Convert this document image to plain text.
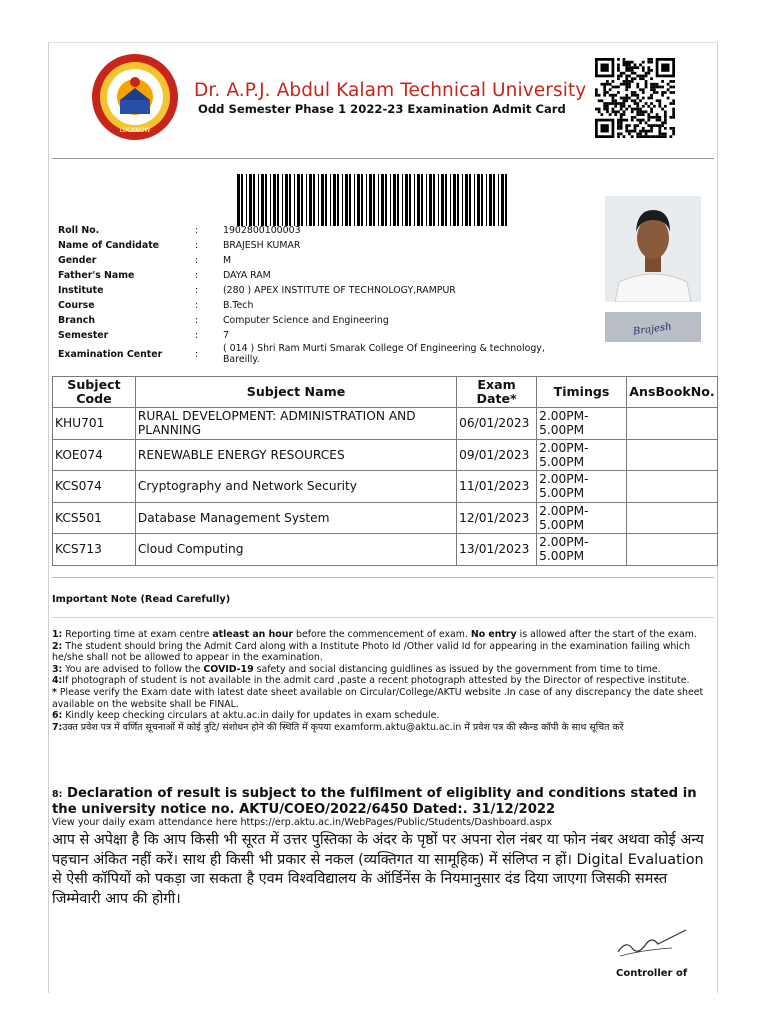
LUCKNOW
Dr. A.P.J. Abdul Kalam Technical University
Odd Semester Phase 1 2022-23 Examination Admit Card
Brajesh
Roll No.	:	1902800100003
Name of Candidate	:	BRAJESH KUMAR
Gender	:	M
Father's Name	:	DAYA RAM
Institute	:	(280 ) APEX INSTITUTE OF TECHNOLOGY,RAMPUR
Course	:	B.Tech
Branch	:	Computer Science and Engineering
Semester	:	7
Examination Center	:
( 014 ) Shri Ram Murti Smarak College Of Engineering & technology, Bareilly.
Subject Code	Subject Name	Exam Date*	Timings	AnsBookNo.
KHU701	RURAL DEVELOPMENT: ADMINISTRATION AND PLANNING	06/01/2023	2.00PM-5.00PM	
KOE074	RENEWABLE ENERGY RESOURCES	09/01/2023	2.00PM-5.00PM	
KCS074	Cryptography and Network Security	11/01/2023	2.00PM-5.00PM	
KCS501	Database Management System	12/01/2023	2.00PM-5.00PM	
KCS713	Cloud Computing	13/01/2023	2.00PM-5.00PM	
Important Note (Read Carefully)

1: Reporting time at exam centre atleast an hour before the commencement of exam. No entry is allowed after the start of the exam.

2: The student should bring the Admit Card along with a Institute Photo Id /Other valid Id for appearing in the examination failing which he/she shall not be allowed to appear in the examination.

3: You are advised to follow the COVID-19 safety and social distancing guidlines as issued by the government from time to time.

4:If photograph of student is not available in the admit card ,paste a recent photograph attested by the Director of respective institute.

* Please verify the Exam date with latest date sheet available on Circular/College/AKTU website .In case of any discrepancy the date sheet available on the website shall be FINAL.

6: Kindly keep checking circulars at aktu.ac.in daily for updates in exam schedule.

7:उक्त प्रवेश पत्र में वर्णित सूचनाओं में कोई त्रुटि/ संशोधन होने की स्थिति में कृपया examform.aktu@aktu.ac.in में प्रवेश पत्र की स्कैन्ड कॉपी के साथ सूचित करें

8: Declaration of result is subject to the fulfilment of eligiblity and conditions stated in the university notice no. AKTU/COEO/2022/6450 Dated:. 31/12/2022
View your daily exam attendance here https://erp.aktu.ac.in/WebPages/Public/Students/Dashboard.aspx
आप से अपेक्षा है कि आप किसी भी सूरत में उत्तर पुस्तिका के अंदर के पृष्ठों पर अपना रोल नंबर या फोन नंबर अथवा कोई अन्य पहचान अंकित नहीं करें। साथ ही किसी भी प्रकार से नकल (व्यक्तिगत या सामूहिक) में संलिप्त न हों। Digital Evaluation से ऐसी कॉपियों को पकड़ा जा सकता है एवम विश्वविद्यालय के ऑर्डिनेंस के नियमानुसार दंड दिया जाएगा जिसकी समस्त जिम्मेवारी आप की होगी।
Controller of
